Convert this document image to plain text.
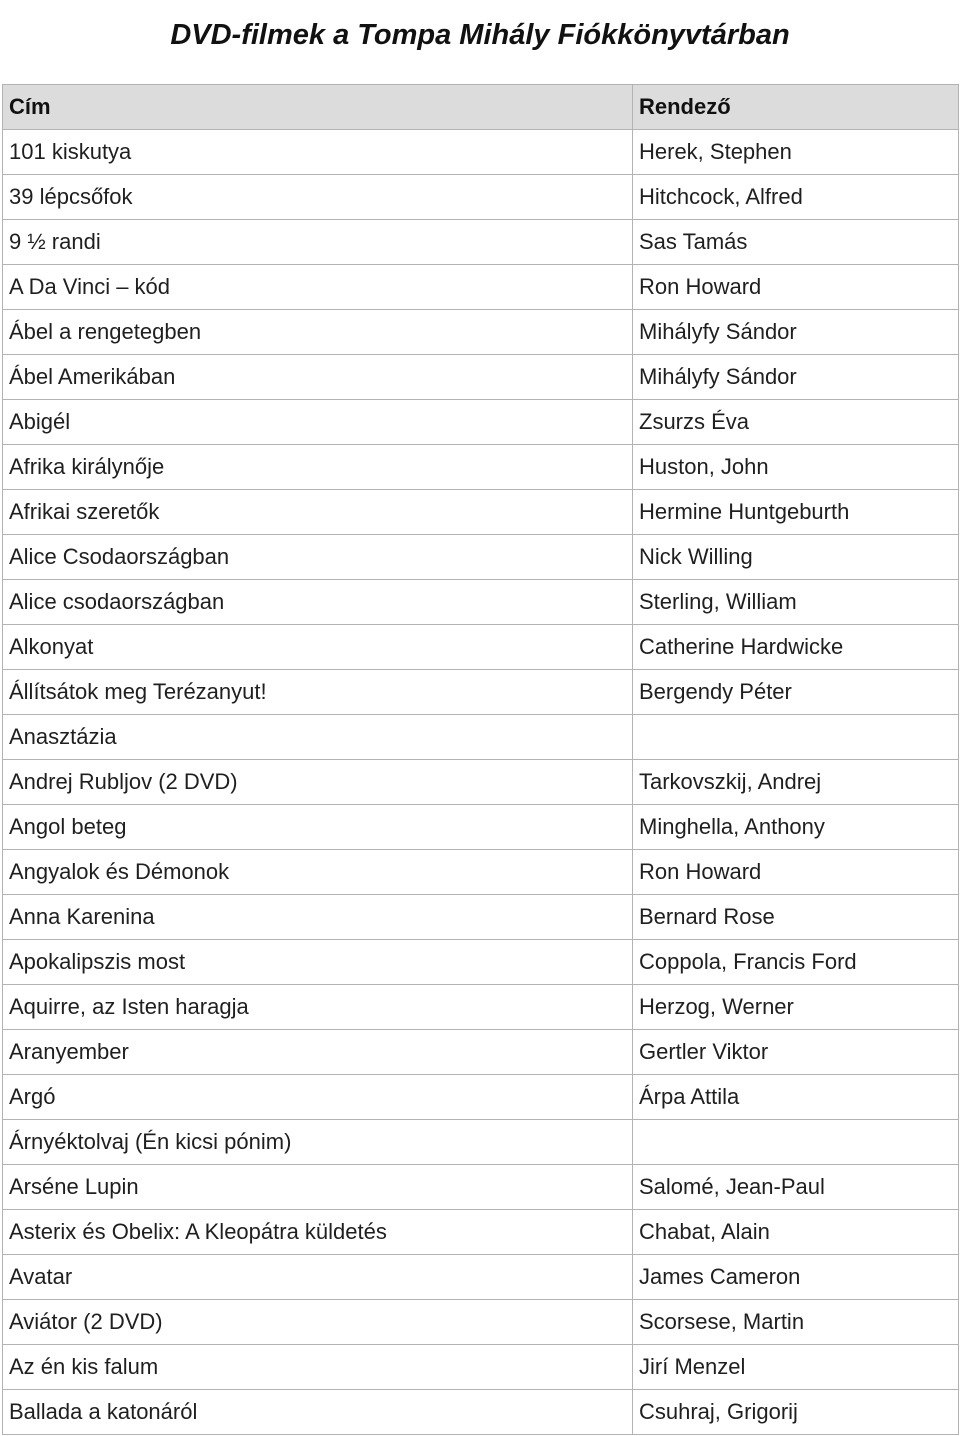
DVD-filmek a Tompa Mihály Fiókkönyvtárban
Cím	Rendező
101 kiskutya	Herek, Stephen
39 lépcsőfok	Hitchcock, Alfred
9 ½ randi	Sas Tamás
A Da Vinci – kód	Ron Howard
Ábel a rengetegben	Mihályfy Sándor
Ábel Amerikában	Mihályfy Sándor
Abigél	Zsurzs Éva
Afrika királynője	Huston, John
Afrikai szeretők	Hermine Huntgeburth
Alice Csodaországban	Nick Willing
Alice csodaországban	Sterling, William
Alkonyat	Catherine Hardwicke
Állítsátok meg Terézanyut!	Bergendy Péter
Anasztázia	
Andrej Rubljov (2 DVD)	Tarkovszkij, Andrej
Angol beteg	Minghella, Anthony
Angyalok és Démonok	Ron Howard
Anna Karenina	Bernard Rose
Apokalipszis most	Coppola, Francis Ford
Aquirre, az Isten haragja	Herzog, Werner
Aranyember	Gertler Viktor
Argó	Árpa Attila
Árnyéktolvaj (Én kicsi pónim)	
Arséne Lupin	Salomé, Jean-Paul
Asterix és Obelix: A Kleopátra küldetés	Chabat, Alain
Avatar	James Cameron
Aviátor (2 DVD)	Scorsese, Martin
Az én kis falum	Jirí Menzel
Ballada a katonáról	Csuhraj, Grigorij
